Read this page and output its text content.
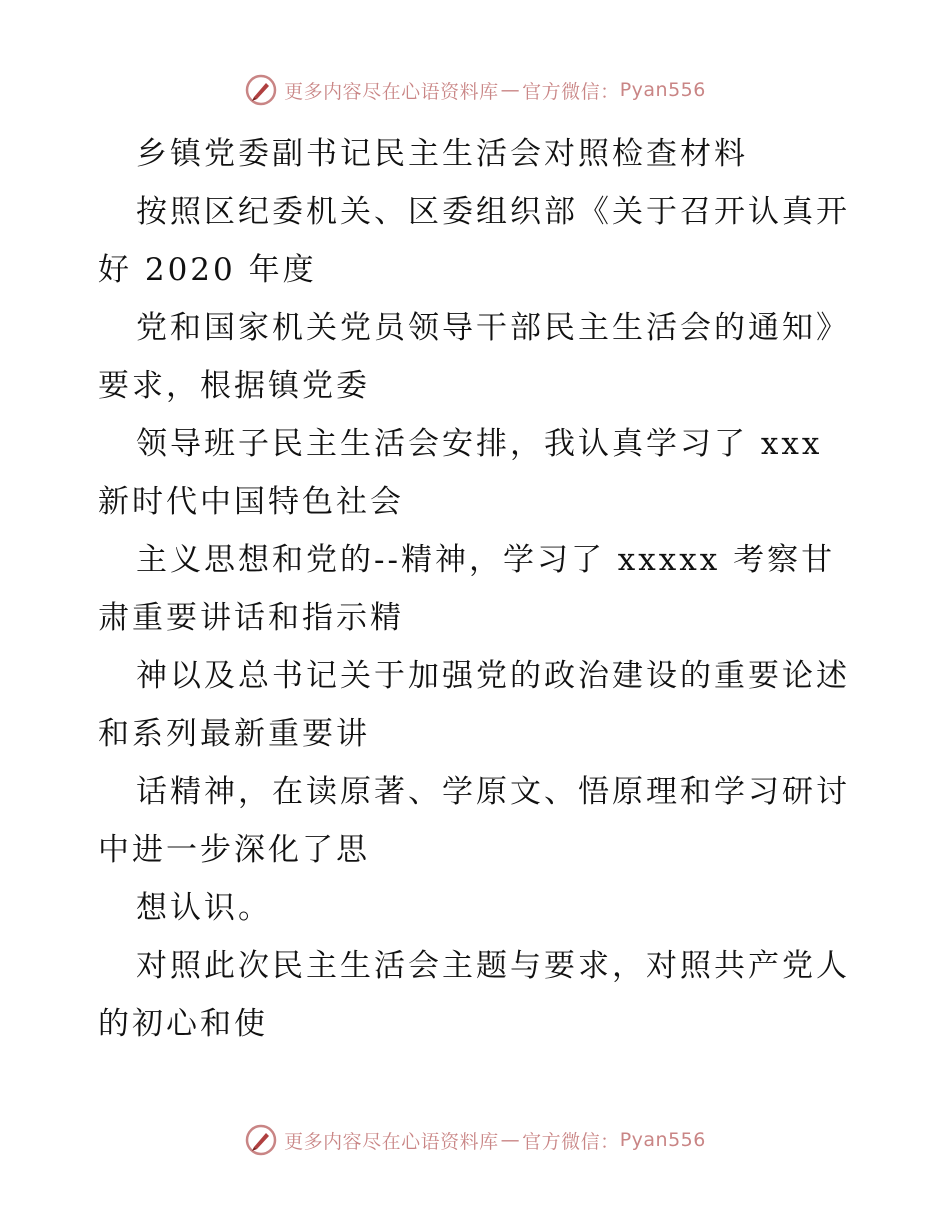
更多内容尽在心语资料库 — 官方微信： Pyan556
乡镇党委副书记民主生活会对照检查材料
按照区纪委机关、区委组织部《关于召开认真开
好 2020 年度
党和国家机关党员领导干部民主生活会的通知》
要求，根据镇党委
领导班子民主生活会安排，我认真学习了 xxx
新时代中国特色社会
主义思想和党的--精神，学习了 xxxxx 考察甘
肃重要讲话和指示精
神以及总书记关于加强党的政治建设的重要论述
和系列最新重要讲
话精神，在读原著、学原文、悟原理和学习研讨
中进一步深化了思
想认识。
对照此次民主生活会主题与要求，对照共产党人
的初心和使
更多内容尽在心语资料库 — 官方微信： Pyan556
